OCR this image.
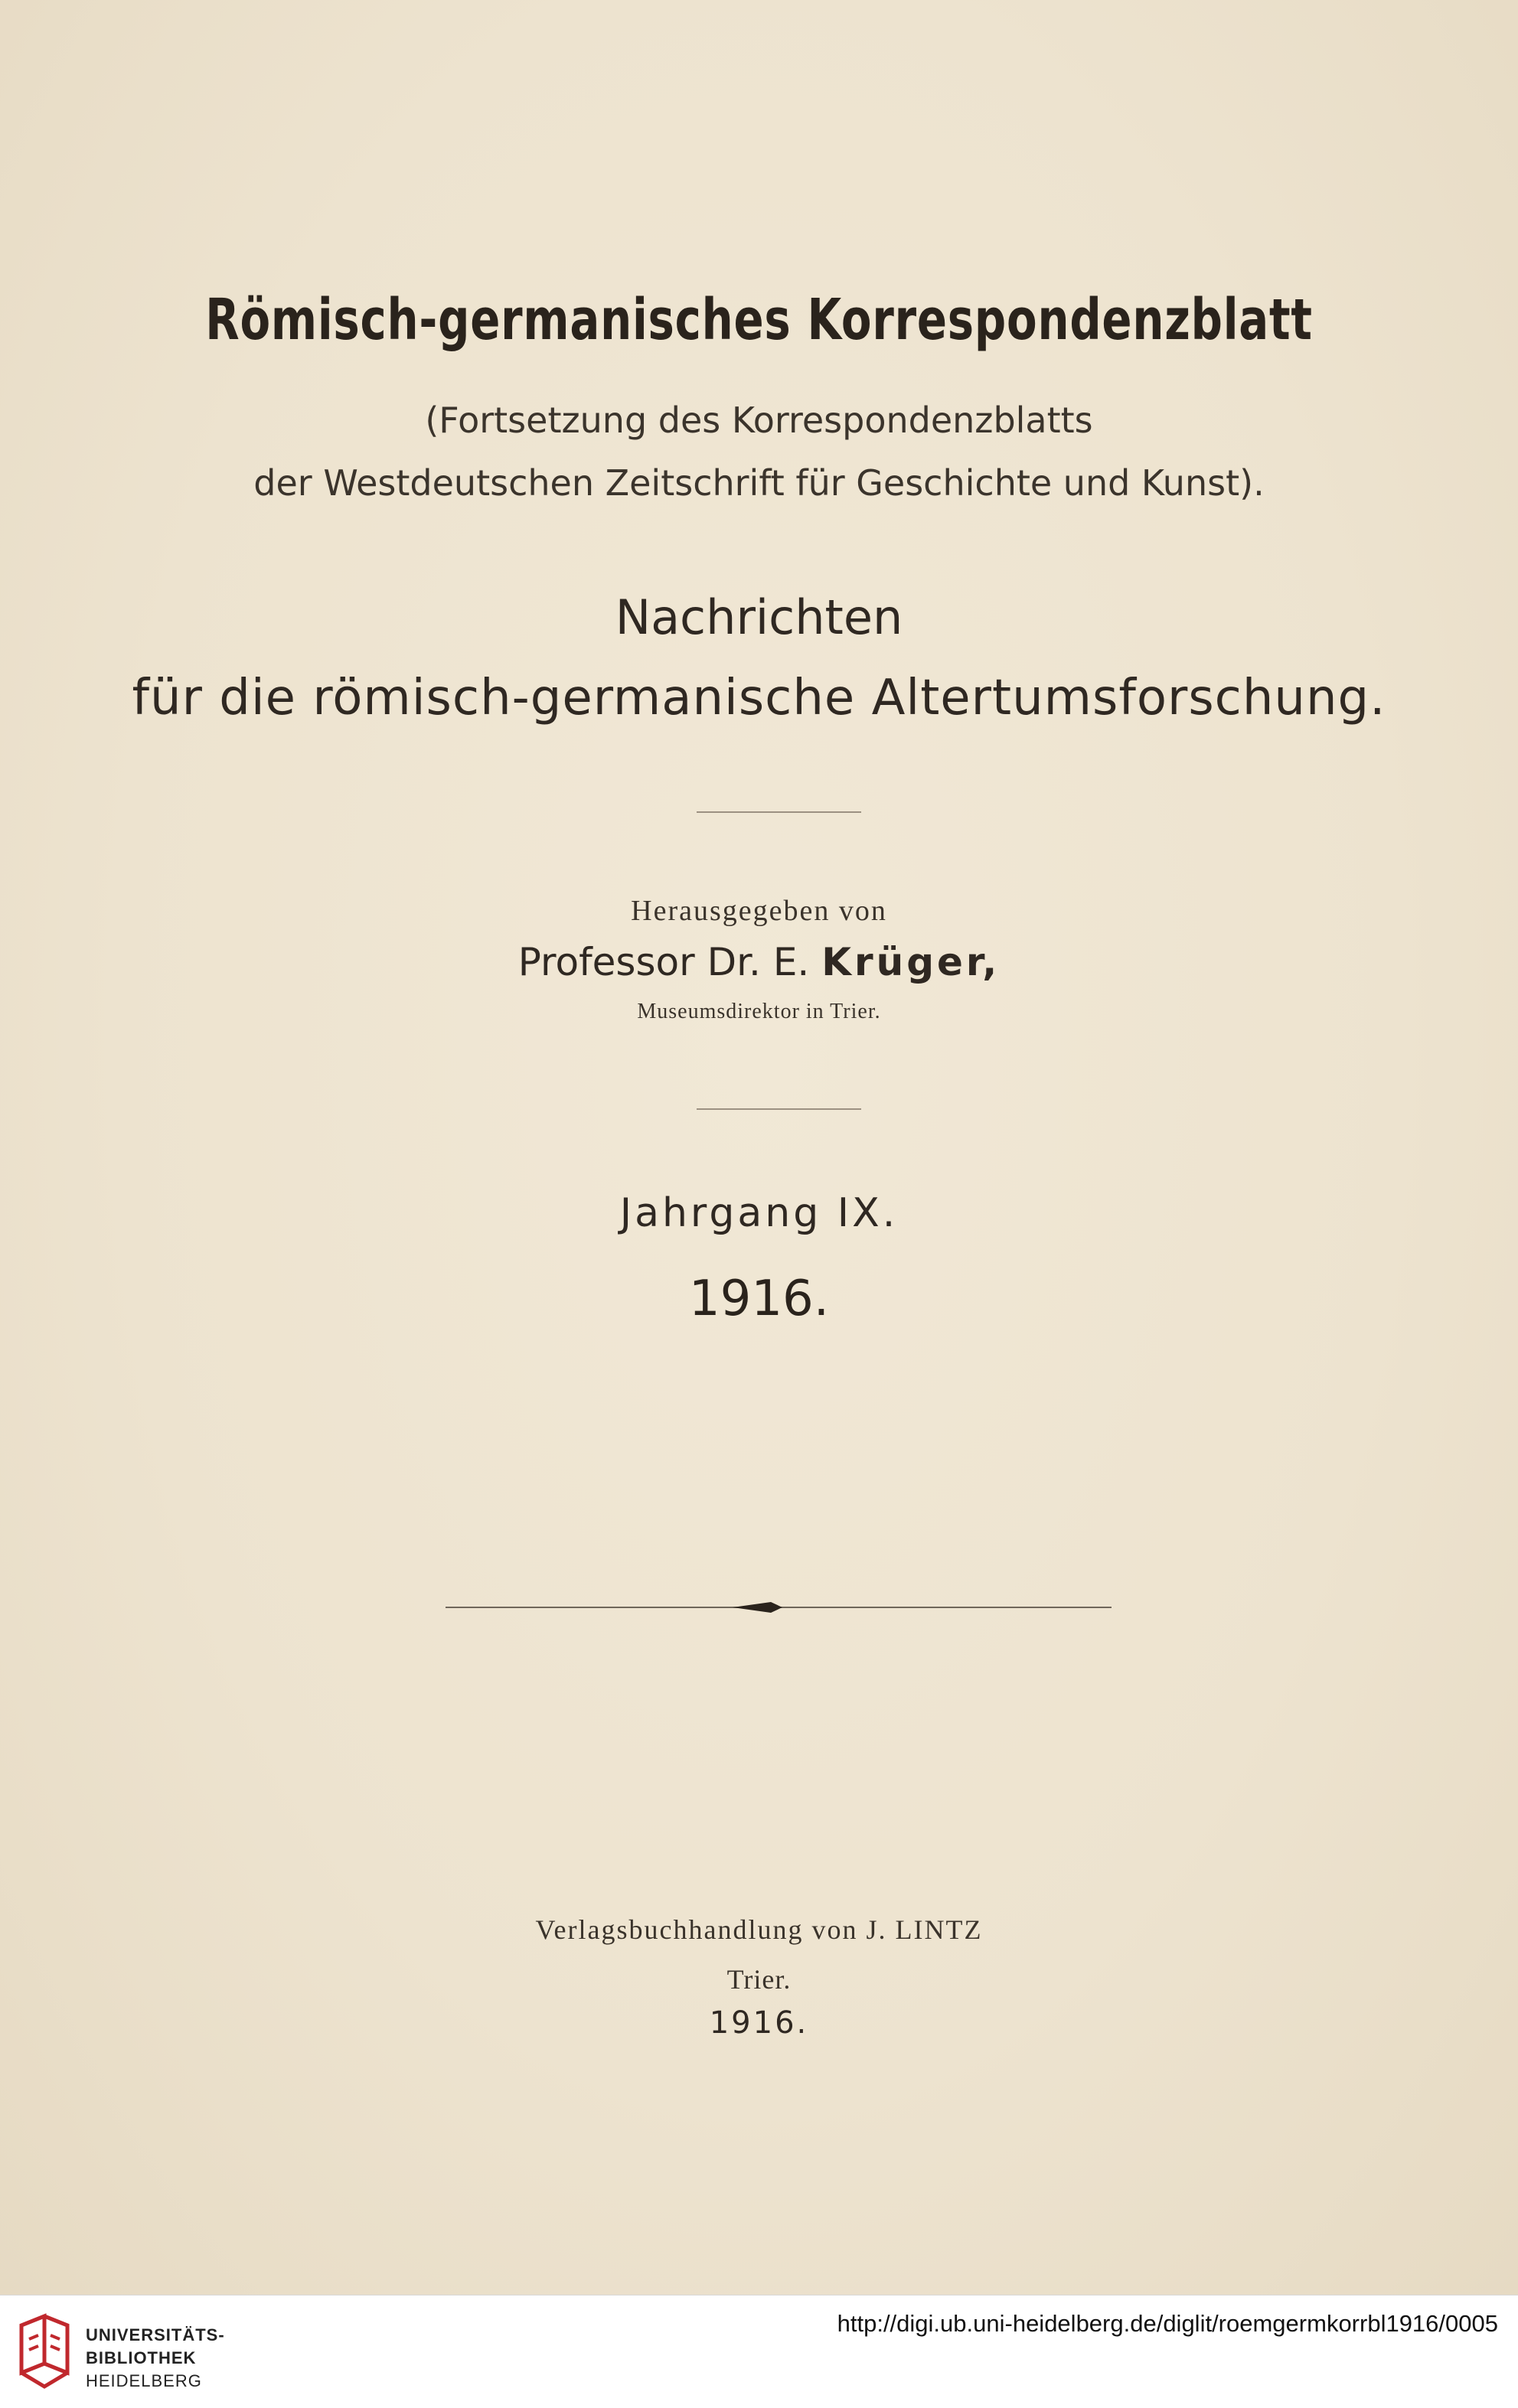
Römisch-germanisches Korrespondenzblatt
(Fortsetzung des Korrespondenzblatts
der Westdeutschen Zeitschrift für Geschichte und Kunst).
Nachrichten
für die römisch-germanische Altertumsforschung.
Herausgegeben von
Professor Dr. E. Krüger,
Museumsdirektor in Trier.
Jahrgang IX.
1916.
Verlagsbuchhandlung von J. LINTZ
Trier.
1916.
UNIVERSITÄTS-
BIBLIOTHEK
HEIDELBERG
http://digi.ub.uni-heidelberg.de/diglit/roemgermkorrbl1916/0005
